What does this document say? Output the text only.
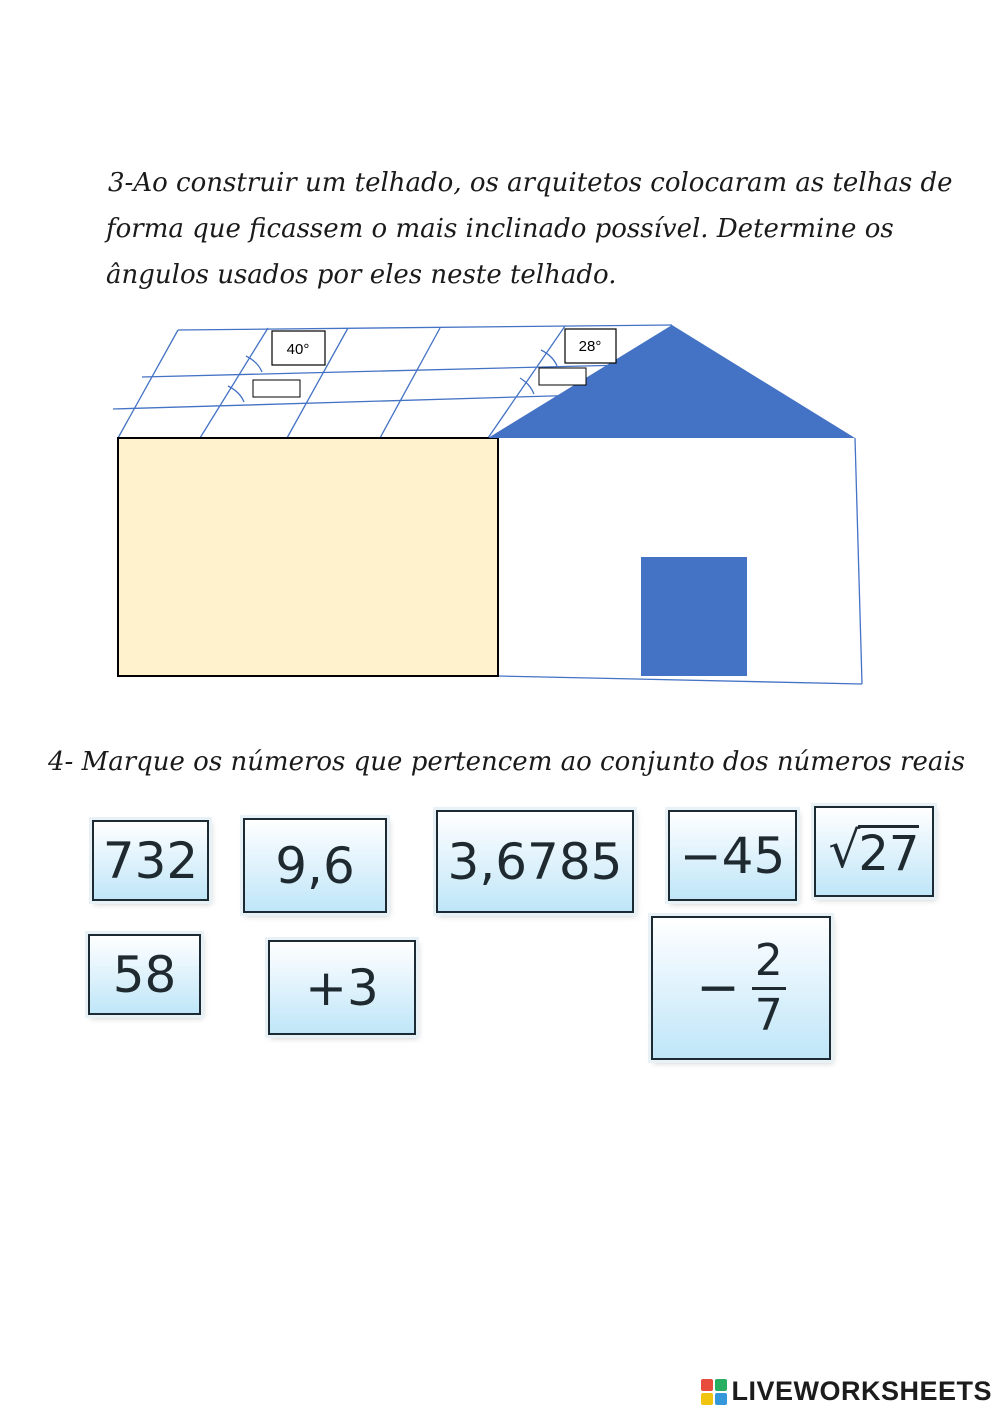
3-Ao construir um telhado, os arquitetos colocaram as telhas de
forma que ficassem o mais inclinado possível. Determine os
ângulos usados por eles neste telhado.
40°	28°
4- Marque os números que pertencem ao conjunto dos números reais
732 9,6 3,6785 −45 √
27
58	+3	− $\frac{2}{7}$
LIVEWORKSHEETS
